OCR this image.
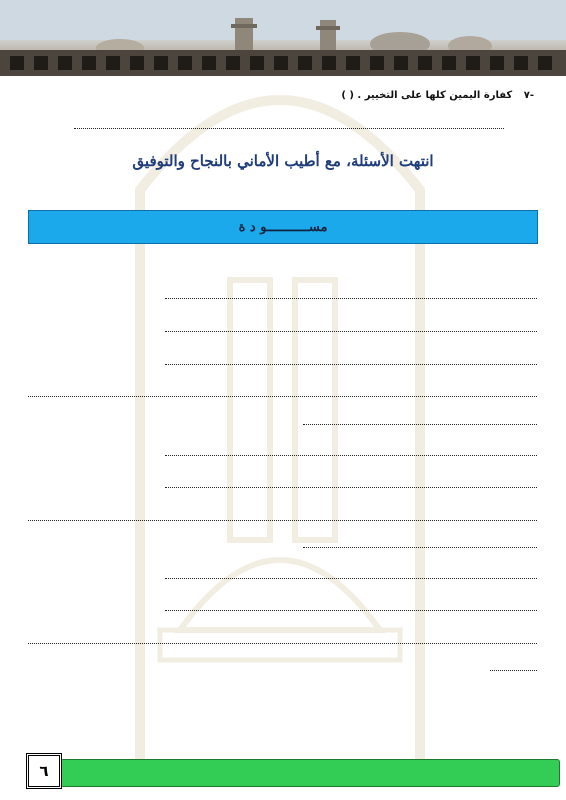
-٧ كفارة اليمين كلها على التخيير . ( )
انتهت الأسئلة، مع أطيب الأماني بالنجاح والتوفيق
مســـــــــــو د ة
٦
